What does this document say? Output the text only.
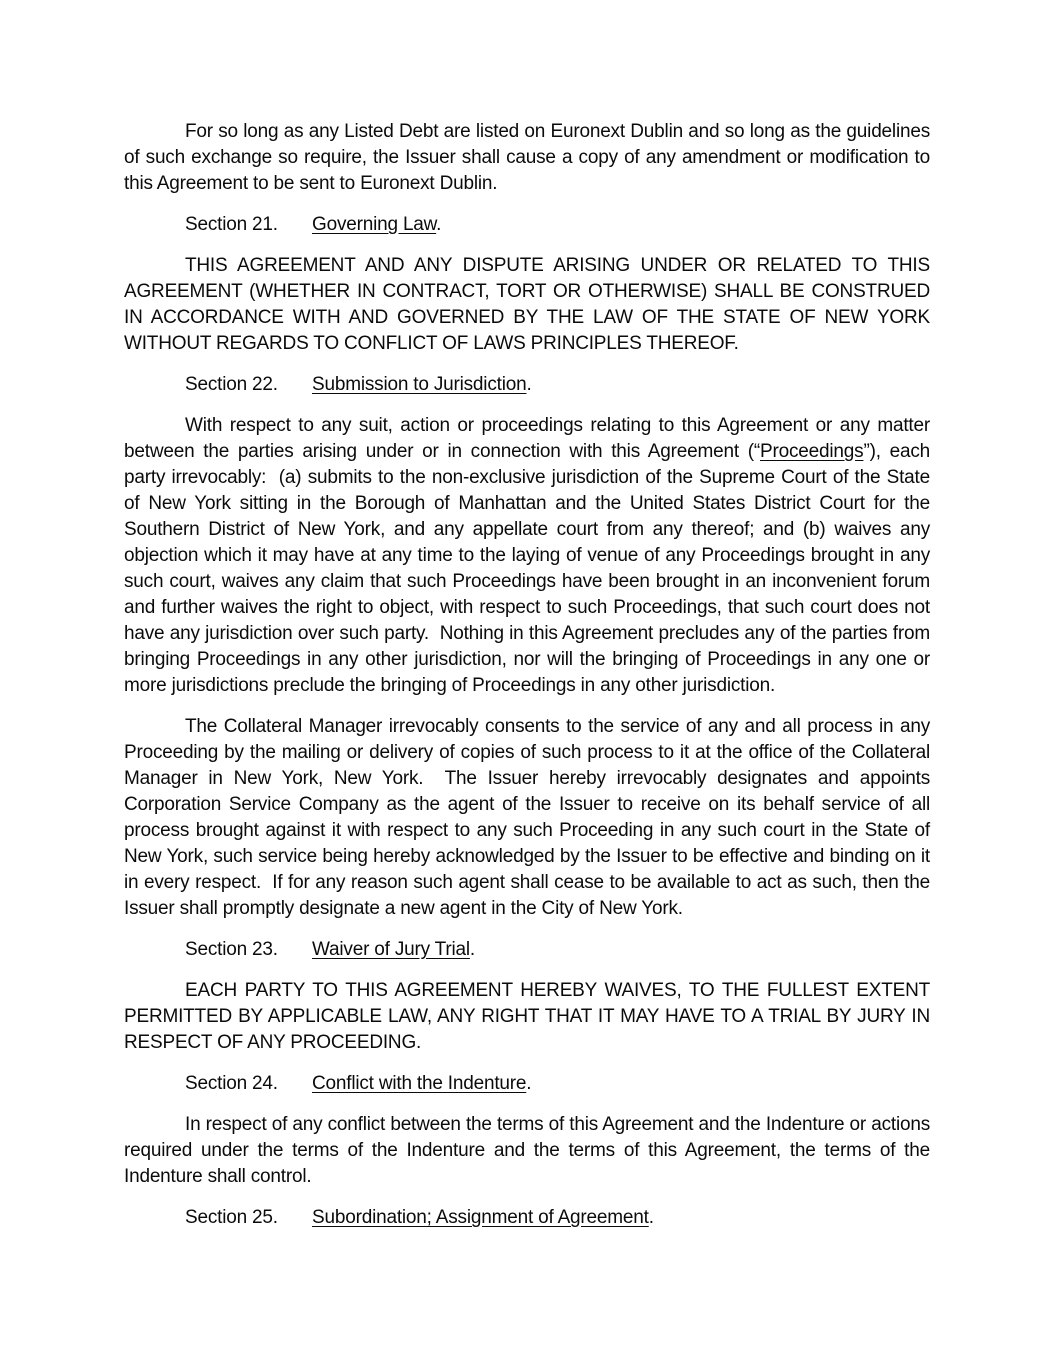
For so long as any Listed Debt are listed on Euronext Dublin and so long as the guidelines of such exchange so require, the Issuer shall cause a copy of any amendment or modification to this Agreement to be sent to Euronext Dublin.

Section 21. Governing Law.

THIS AGREEMENT AND ANY DISPUTE ARISING UNDER OR RELATED TO THIS AGREEMENT (WHETHER IN CONTRACT, TORT OR OTHERWISE) SHALL BE CONSTRUED IN ACCORDANCE WITH AND GOVERNED BY THE LAW OF THE STATE OF NEW YORK WITHOUT REGARDS TO CONFLICT OF LAWS PRINCIPLES THEREOF.

Section 22. Submission to Jurisdiction.

With respect to any suit, action or proceedings relating to this Agreement or any matter between the parties arising under or in connection with this Agreement (“Proceedings”), each party irrevocably:  (a) submits to the non-exclusive jurisdiction of the Supreme Court of the State of New York sitting in the Borough of Manhattan and the United States District Court for the Southern District of New York, and any appellate court from any thereof; and (b) waives any objection which it may have at any time to the laying of venue of any Proceedings brought in any such court, waives any claim that such Proceedings have been brought in an inconvenient forum and further waives the right to object, with respect to such Proceedings, that such court does not have any jurisdiction over such party.  Nothing in this Agreement precludes any of the parties from bringing Proceedings in any other jurisdiction, nor will the bringing of Proceedings in any one or more jurisdictions preclude the bringing of Proceedings in any other jurisdiction.

The Collateral Manager irrevocably consents to the service of any and all process in any Proceeding by the mailing or delivery of copies of such process to it at the office of the Collateral Manager in New York, New York.  The Issuer hereby irrevocably designates and appoints Corporation Service Company as the agent of the Issuer to receive on its behalf service of all process brought against it with respect to any such Proceeding in any such court in the State of New York, such service being hereby acknowledged by the Issuer to be effective and binding on it in every respect.  If for any reason such agent shall cease to be available to act as such, then the Issuer shall promptly designate a new agent in the City of New York.

Section 23. Waiver of Jury Trial.

EACH PARTY TO THIS AGREEMENT HEREBY WAIVES, TO THE FULLEST EXTENT PERMITTED BY APPLICABLE LAW, ANY RIGHT THAT IT MAY HAVE TO A TRIAL BY JURY IN RESPECT OF ANY PROCEEDING.

Section 24. Conflict with the Indenture.

In respect of any conflict between the terms of this Agreement and the Indenture or actions required under the terms of the Indenture and the terms of this Agreement, the terms of the Indenture shall control.

Section 25. Subordination; Assignment of Agreement.
